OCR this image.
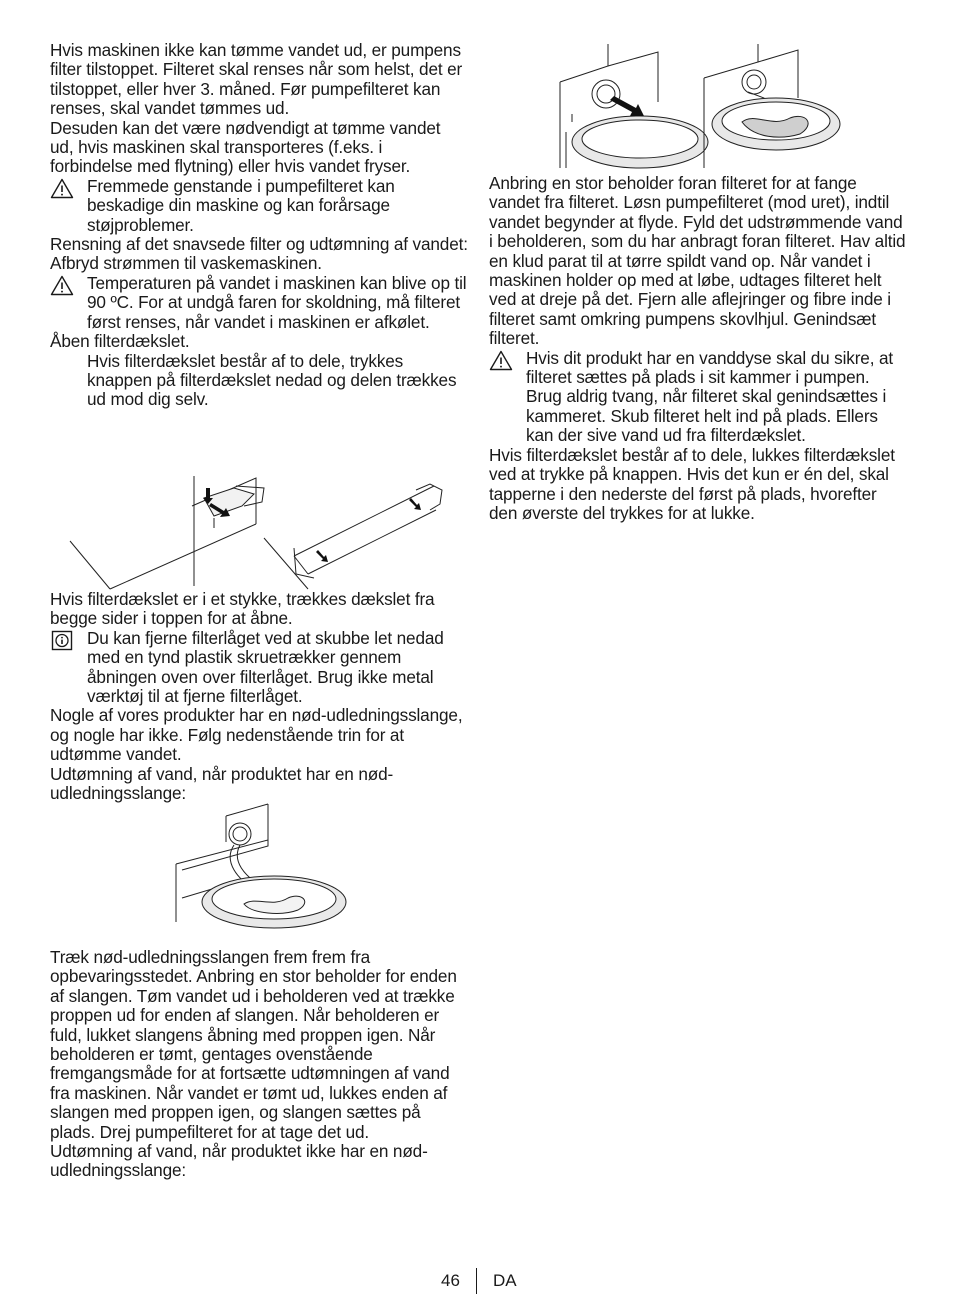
Hvis maskinen ikke kan tømme vandet ud, er pumpens filter tilstoppet. Filteret skal renses når som helst, det er tilstoppet, eller hver 3. måned. Før pumpefilteret kan renses, skal vandet tømmes ud.

Desuden kan det være nødvendigt at tømme vandet ud, hvis maskinen skal transporteres (f.eks. i forbindelse med flytning) eller hvis vandet fryser.

Fremmede genstande i pumpefilteret kan beskadige din maskine og kan forårsage støjproblemer.

Rensning af det snavsede filter og udtømning af vandet:

Afbryd strømmen til vaskemaskinen.

Temperaturen på vandet i maskinen kan blive op til 90 ºC. For at undgå faren for skoldning, må filteret først renses, når vandet i maskinen er afkølet.

Åben filterdækslet.

Hvis filterdækslet består af to dele, trykkes knappen på filterdækslet nedad og delen trækkes ud mod dig selv.

Hvis filterdækslet er i et stykke, trækkes dækslet fra begge sider i toppen for at åbne.

Du kan fjerne filterlåget ved at skubbe let nedad med en tynd plastik skruetrækker gennem åbningen oven over filterlåget. Brug ikke metal værktøj til at fjerne filterlåget.

Nogle af vores produkter har en nød-udledningsslange, og nogle har ikke. Følg nedenstående trin for at udtømme vandet.

Udtømning af vand, når produktet har en nød-udledningsslange:

Træk nød-udledningsslangen frem frem fra opbevaringsstedet. Anbring en stor beholder for enden af slangen. Tøm vandet ud i beholderen ved at trække proppen ud for enden af slangen. Når beholderen er fuld, lukket slangens åbning med proppen igen. Når beholderen er tømt, gentages ovenstående fremgangsmåde for at fortsætte udtømningen af vand fra maskinen. Når vandet er tømt ud, lukkes enden af slangen med proppen igen, og slangen sættes på plads. Drej pumpefilteret for at tage det ud.

Udtømning af vand, når produktet ikke har en nød-udledningsslange:

Anbring en stor beholder foran filteret for at fange vandet fra filteret. Løsn pumpefilteret (mod uret), indtil vandet begynder at flyde. Fyld det udstrømmende vand i beholderen, som du har anbragt foran filteret. Hav altid en klud parat til at tørre spildt vand op. Når vandet i maskinen holder op med at løbe, udtages filteret helt ved at dreje på det. Fjern alle aflejringer og fibre inde i filteret samt omkring pumpens skovlhjul. Genindsæt filteret.

Hvis dit produkt har en vanddyse skal du sikre, at filteret sættes på plads i sit kammer i pumpen. Brug aldrig tvang, når filteret skal genindsættes i kammeret. Skub filteret helt ind på plads. Ellers kan der sive vand ud fra filterdækslet.

Hvis filterdækslet består af to dele, lukkes filterdækslet ved at trykke på knappen. Hvis det kun er én del, skal tapperne i den nederste del først på plads, hvorefter den øverste del trykkes for at lukke.

46 DA
